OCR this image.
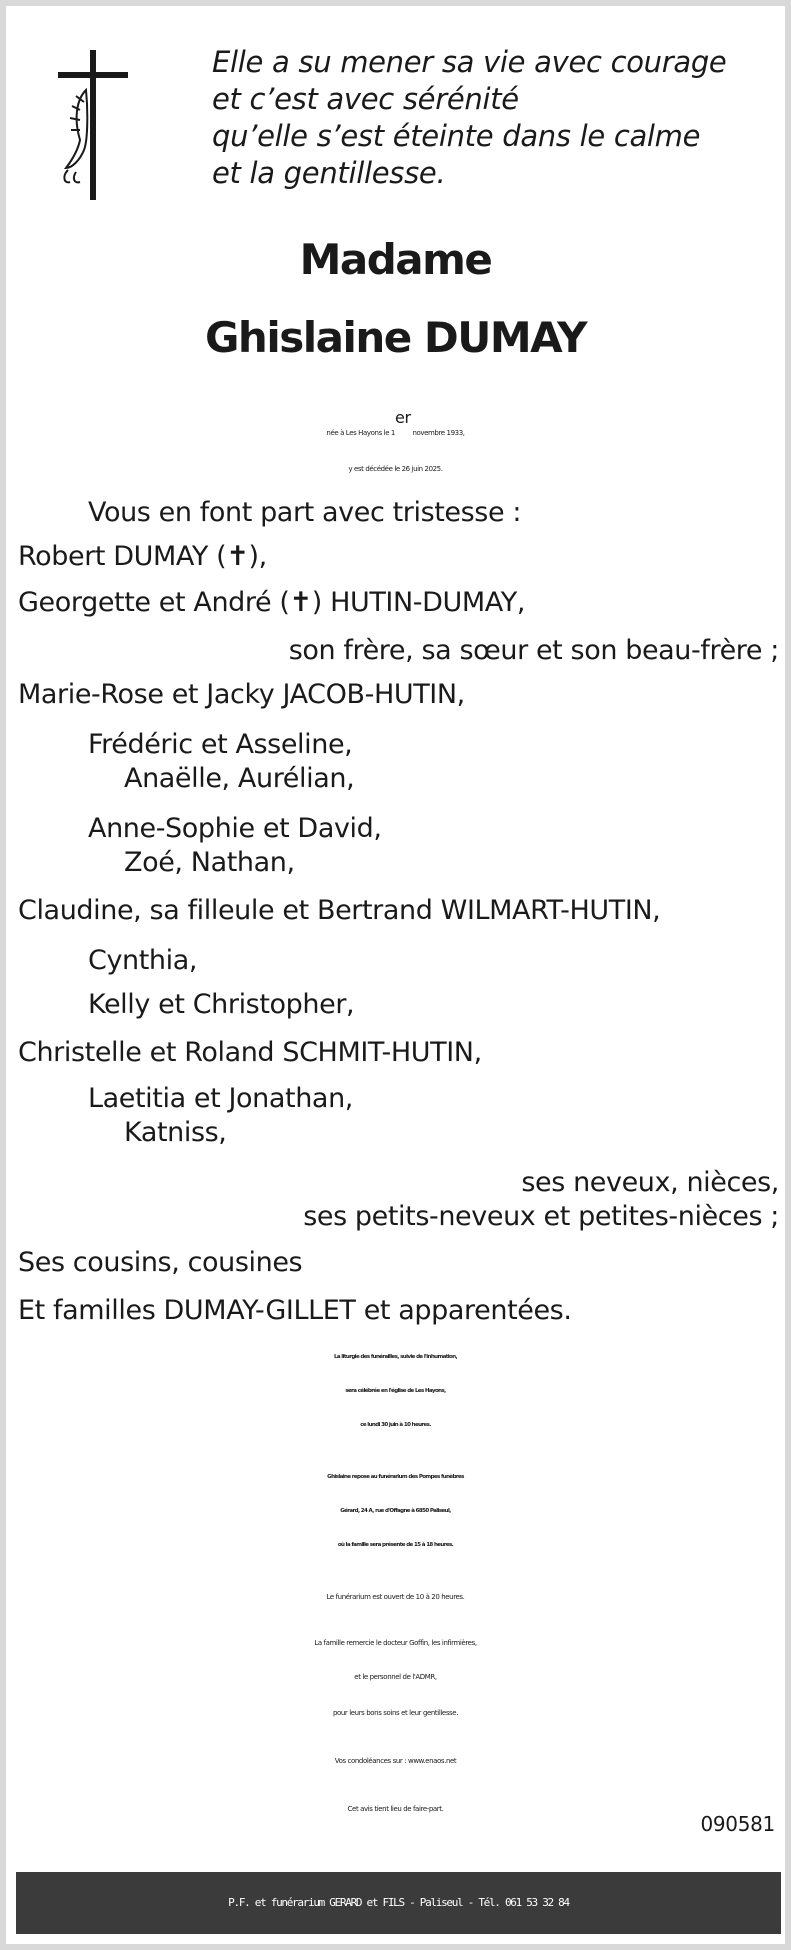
Elle a su mener sa vie avec courage
et c’est avec sérénité
qu’elle s’est éteinte dans le calme
et la gentillesse.
Madame
Ghislaine DUMAY
née à Les Hayons le 1er novembre 1933,
y est décédée le 26 juin 2025.
Vous en font part avec tristesse :
Robert DUMAY (✝),
Georgette et André (✝) HUTIN-DUMAY,
son frère, sa sœur et son beau-frère ;
Marie-Rose et Jacky JACOB-HUTIN,
Frédéric et Asseline,
Anaëlle, Aurélian,
Anne-Sophie et David,
Zoé, Nathan,
Claudine, sa filleule et Bertrand WILMART-HUTIN,
Cynthia,
Kelly et Christopher,
Christelle et Roland SCHMIT-HUTIN,
Laetitia et Jonathan,
Katniss,
ses neveux, nièces,
ses petits-neveux et petites-nièces ;
Ses cousins, cousines
Et familles DUMAY-GILLET et apparentées.
La liturgie des funérailles, suivie de l'inhumation,
sera célébrée en l'église de Les Hayons,
ce lundi 30 juin à 10 heures.
Ghislaine repose au funérarium des Pompes funèbres
Gérard, 24 A, rue d'Offagne à 6850 Paliseul,
où la famille sera présente de 15 à 18 heures.
Le funérarium est ouvert de 10 à 20 heures.
La famille remercie le docteur Goffin, les infirmières,
et le personnel de l'ADMR,
pour leurs bons soins et leur gentillesse.
Vos condoléances sur : www.enaos.net
Cet avis tient lieu de faire-part.
090581
P.F. et funérarium GERARD et FILS - Paliseul - Tél. 061 53 32 84
